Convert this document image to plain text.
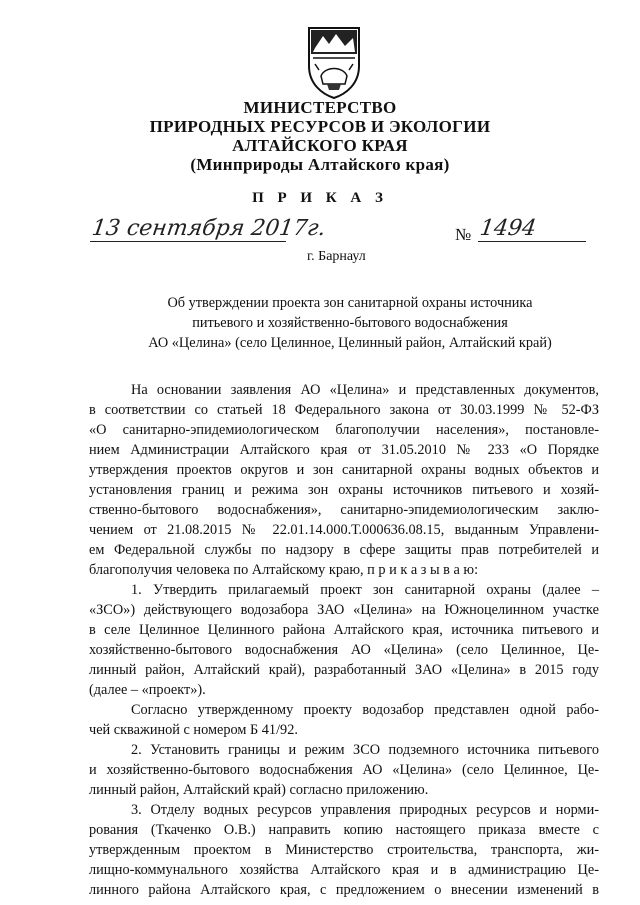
МИНИСТЕРСТВО
ПРИРОДНЫХ РЕСУРСОВ И ЭКОЛОГИИ
АЛТАЙСКОГО КРАЯ
(Минприроды Алтайского края)
П Р И К А З
13 сентября 2017г.	№ 1494
г. Барнаул
Об утверждении проекта зон санитарной охраны источника
питьевого и хозяйственно-бытового водоснабжения
АО «Целина» (село Целинное, Целинный район, Алтайский край)
На основании заявления АО «Целина» и представленных документов,
в соответствии со статьей 18 Федерального закона от 30.03.1999 № 52-ФЗ
«О санитарно-эпидемиологическом благополучии населения», постановле-
нием Администрации Алтайского края от 31.05.2010 № 233 «О Порядке
утверждения проектов округов и зон санитарной охраны водных объектов и
установления границ и режима зон охраны источников питьевого и хозяй-
ственно-бытового водоснабжения», санитарно-эпидемиологическим заклю-
чением от 21.08.2015 № 22.01.14.000.Т.000636.08.15, выданным Управлени-
ем Федеральной службы по надзору в сфере защиты прав потребителей и
благополучия человека по Алтайскому краю, п р и к а з ы в а ю:
1. Утвердить прилагаемый проект зон санитарной охраны (далее –
«ЗСО») действующего водозабора ЗАО «Целина» на Южноцелинном участке
в селе Целинное Целинного района Алтайского края, источника питьевого и
хозяйственно-бытового водоснабжения АО «Целина» (село Целинное, Це-
линный район, Алтайский край), разработанный ЗАО «Целина» в 2015 году
(далее – «проект»).
Согласно утвержденному проекту водозабор представлен одной рабо-
чей скважиной с номером Б 41/92.
2. Установить границы и режим ЗСО подземного источника питьевого
и хозяйственно-бытового водоснабжения АО «Целина» (село Целинное, Це-
линный район, Алтайский край) согласно приложению.
3. Отделу водных ресурсов управления природных ресурсов и норми-
рования (Ткаченко О.В.) направить копию настоящего приказа вместе с
утвержденным проектом в Министерство строительства, транспорта, жи-
лищно-коммунального хозяйства Алтайского края и в администрацию Це-
линного района Алтайского края, с предложением о внесении изменений в
